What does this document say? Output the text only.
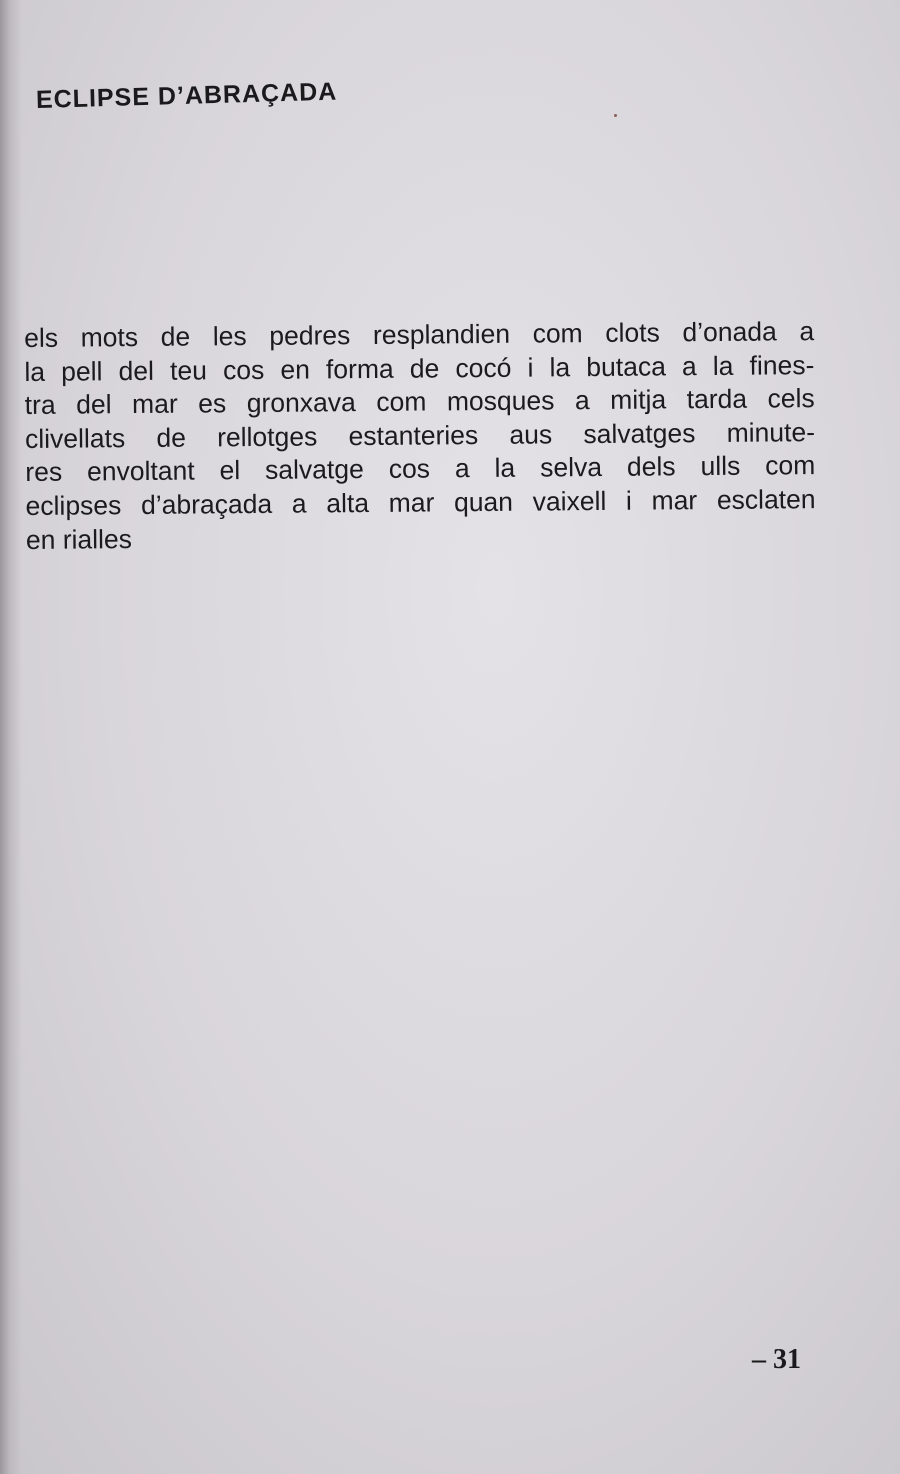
ECLIPSE D’ABRAÇADA
els mots de les pedres resplandien com clots d’onada a
la pell del teu cos en forma de cocó i la butaca a la fines-
tra del mar es gronxava com mosques a mitja tarda cels
clivellats de rellotges estanteries aus salvatges minute-
res envoltant el salvatge cos a la selva dels ulls com
eclipses d’abraçada a alta mar quan vaixell i mar esclaten
en rialles
– 31
